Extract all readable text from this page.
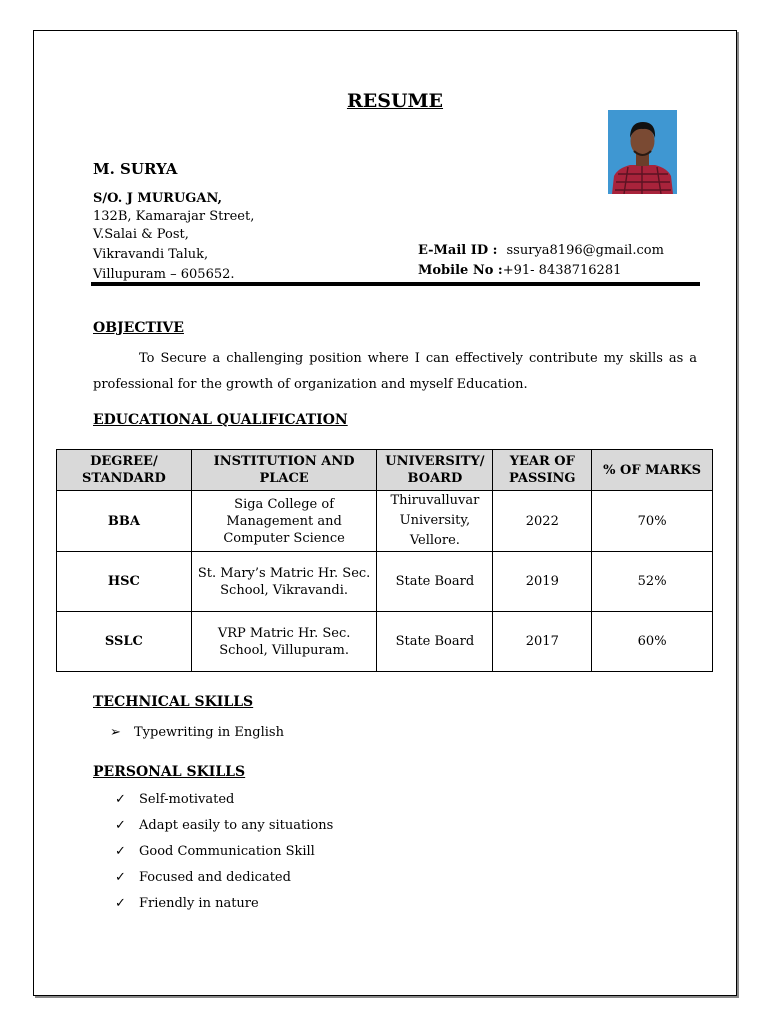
RESUME
M. SURYA
S/O. J MURUGAN,
132B, Kamarajar Street,
V.Salai & Post,
Vikravandi Taluk,
Villupuram – 605652.
E-Mail ID :  ssurya8196@gmail.com
Mobile No :+91- 8438716281
OBJECTIVE
To Secure a challenging position where I can effectively contribute my skills as a professional for the growth of organization and myself Education.
EDUCATIONAL QUALIFICATION
DEGREE/ STANDARD	INSTITUTION AND PLACE	UNIVERSITY/ BOARD	YEAR OF PASSING	% OF MARKS
BBA	Siga College of Management and Computer Science	Thiruvalluvar University, Vellore.	2022	70%
HSC	St. Mary’s Matric Hr. Sec. School, Vikravandi.	State Board	2019	52%
SSLC	VRP Matric Hr. Sec. School, Villupuram.	State Board	2017	60%
TECHNICAL SKILLS
➢	Typewriting in English
PERSONAL SKILLS
✓	Self-motivated
✓	Adapt easily to any situations
✓	Good Communication Skill
✓	Focused and dedicated
✓	Friendly in nature
